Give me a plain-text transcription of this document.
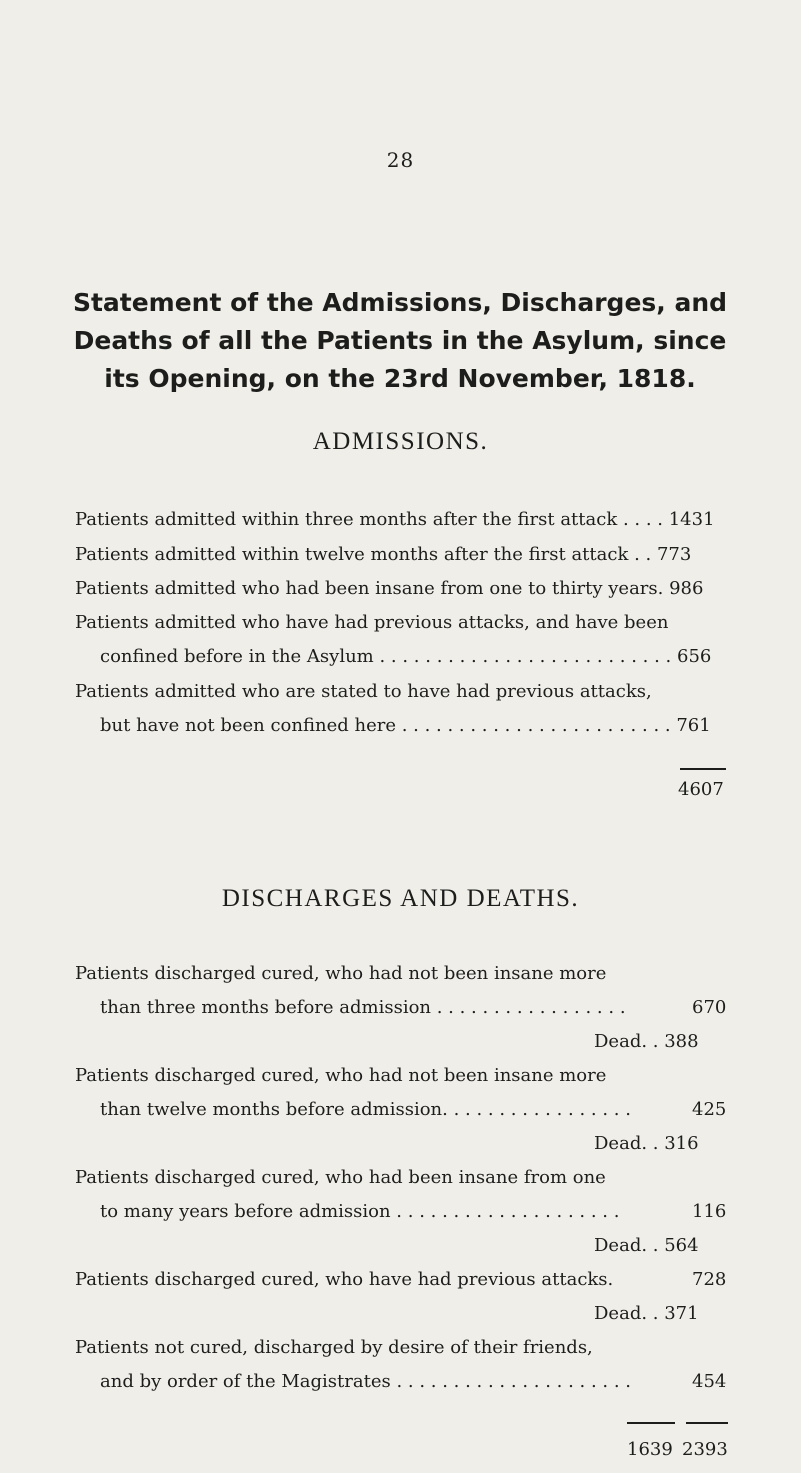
28
Statement of the Admissions, Discharges, and Deaths of all the Patients in the Asylum, since its Opening, on the 23rd November, 1818.
ADMISSIONS.
Patients admitted within three months after the first attack . . . . 1431
Patients admitted within twelve months after the first attack . . 773
Patients admitted who had been insane from one to thirty years. 986
Patients admitted who have had previous attacks, and have been
confined before in the Asylum . . . . . . . . . . . . . . . . . . . . . . . . . . 656
Patients admitted who are stated to have had previous attacks,
but have not been confined here . . . . . . . . . . . . . . . . . . . . . . . . 761
4607
DISCHARGES AND DEATHS.
Patients discharged cured, who had not been insane more
than three months before admission . . . . . . . . . . . . . . . . .	670
Dead. . 388
Patients discharged cured, who had not been insane more
than twelve months before admission. . . . . . . . . . . . . . . . .	425
Dead. . 316
Patients discharged cured, who had been insane from one
to many years before admission . . . . . . . . . . . . . . . . . . . .	116
Dead. . 564
Patients discharged cured, who have had previous attacks.	728
Dead. . 371
Patients not cured, discharged by desire of their friends,
and by order of the Magistrates . . . . . . . . . . . . . . . . . . . . .	454
1639 2393
